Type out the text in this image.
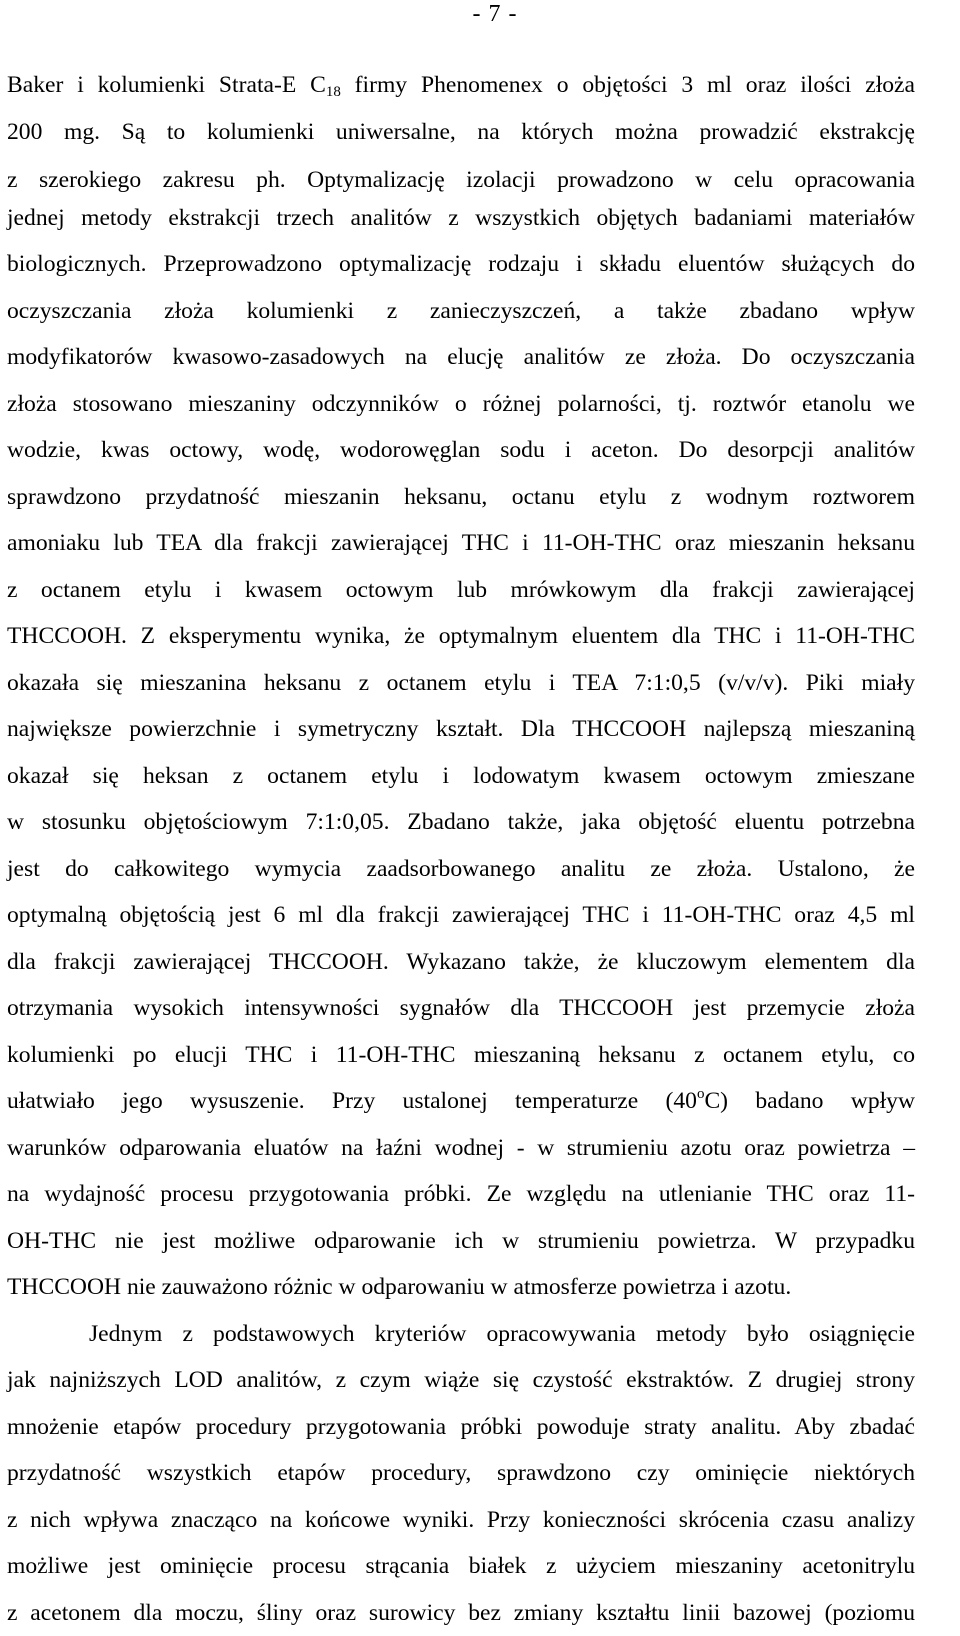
- 7 -
Baker i kolumienki Strata-E $C_{18}$ firmy Phenomenex o objętości 3 ml oraz ilości złoża
200 mg. Są to kolumienki uniwersalne, na których można prowadzić ekstrakcję
z szerokiego zakresu ph. Optymalizację izolacji prowadzono w celu opracowania
jednej metody ekstrakcji trzech analitów z wszystkich objętych badaniami materiałów
biologicznych. Przeprowadzono optymalizację rodzaju i składu eluentów służących do
oczyszczania złoża kolumienki z zanieczyszczeń, a także zbadano wpływ
modyfikatorów kwasowo-zasadowych na elucję analitów ze złoża. Do oczyszczania
złoża stosowano mieszaniny odczynników o różnej polarności, tj. roztwór etanolu we
wodzie, kwas octowy, wodę, wodorowęglan sodu i aceton. Do desorpcji analitów
sprawdzono przydatność mieszanin heksanu, octanu etylu z wodnym roztworem
amoniaku lub TEA dla frakcji zawierającej THC i 11-OH-THC oraz mieszanin heksanu
z octanem etylu i kwasem octowym lub mrówkowym dla frakcji zawierającej
THCCOOH. Z eksperymentu wynika, że optymalnym eluentem dla THC i 11-OH-THC
okazała się mieszanina heksanu z octanem etylu i TEA 7:1:0,5 (v/v/v). Piki miały
największe powierzchnie i symetryczny kształt. Dla THCCOOH najlepszą mieszaniną
okazał się heksan z octanem etylu i lodowatym kwasem octowym zmieszane
w stosunku objętościowym 7:1:0,05. Zbadano także, jaka objętość eluentu potrzebna
jest do całkowitego wymycia zaadsorbowanego analitu ze złoża. Ustalono, że
optymalną objętością jest 6 ml dla frakcji zawierającej THC i 11-OH-THC oraz 4,5 ml
dla frakcji zawierającej THCCOOH. Wykazano także, że kluczowym elementem dla
otrzymania wysokich intensywności sygnałów dla THCCOOH jest przemycie złoża
kolumienki po elucji THC i 11-OH-THC mieszaniną heksanu z octanem etylu, co
ułatwiało jego wysuszenie. Przy ustalonej temperaturze (40$^o$C) badano wpływ
warunków odparowania eluatów na łaźni wodnej - w strumieniu azotu oraz powietrza –
na wydajność procesu przygotowania próbki. Ze względu na utlenianie THC oraz 11-
OH-THC nie jest możliwe odparowanie ich w strumieniu powietrza. W przypadku
THCCOOH nie zauważono różnic w odparowaniu w atmosferze powietrza i azotu.
Jednym z podstawowych kryteriów opracowywania metody było osiągnięcie
jak najniższych LOD analitów, z czym wiąże się czystość ekstraktów. Z drugiej strony
mnożenie etapów procedury przygotowania próbki powoduje straty analitu. Aby zbadać
przydatność wszystkich etapów procedury, sprawdzono czy ominięcie niektórych
z nich wpływa znacząco na końcowe wyniki. Przy konieczności skrócenia czasu analizy
możliwe jest ominięcie procesu strącania białek z użyciem mieszaniny acetonitrylu
z acetonem dla moczu, śliny oraz surowicy bez zmiany kształtu linii bazowej (poziomu
